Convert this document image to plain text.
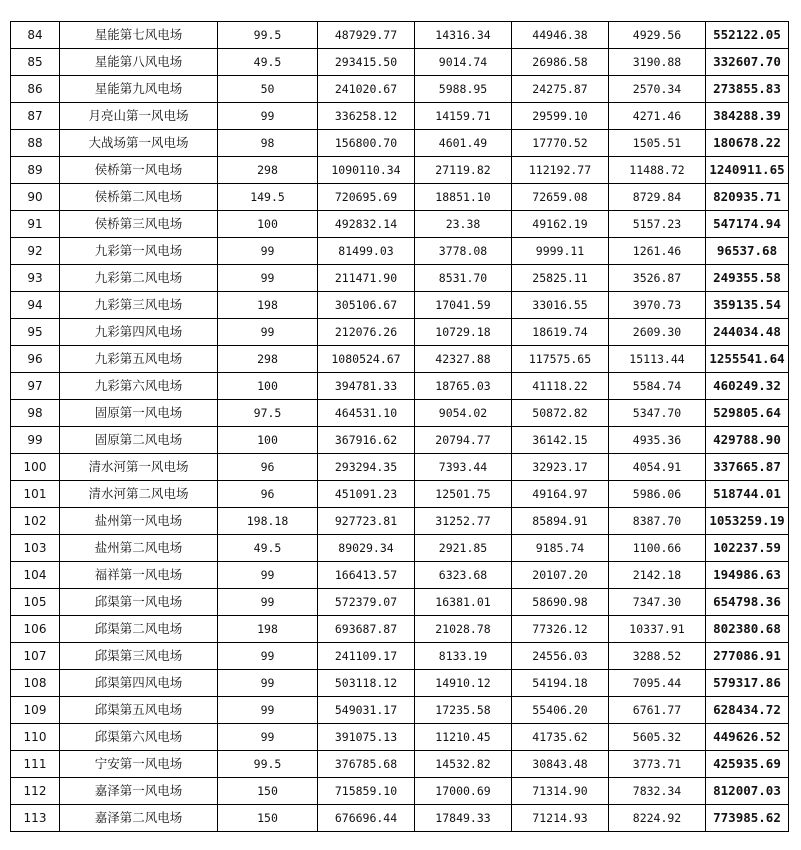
84	星能第七风电场	99.5	487929.77	14316.34	44946.38	4929.56	552122.05
85	星能第八风电场	49.5	293415.50	9014.74	26986.58	3190.88	332607.70
86	星能第九风电场	50	241020.67	5988.95	24275.87	2570.34	273855.83
87	月亮山第一风电场	99	336258.12	14159.71	29599.10	4271.46	384288.39
88	大战场第一风电场	98	156800.70	4601.49	17770.52	1505.51	180678.22
89	侯桥第一风电场	298	1090110.34	27119.82	112192.77	11488.72	1240911.65
90	侯桥第二风电场	149.5	720695.69	18851.10	72659.08	8729.84	820935.71
91	侯桥第三风电场	100	492832.14	23.38	49162.19	5157.23	547174.94
92	九彩第一风电场	99	81499.03	3778.08	9999.11	1261.46	96537.68
93	九彩第二风电场	99	211471.90	8531.70	25825.11	3526.87	249355.58
94	九彩第三风电场	198	305106.67	17041.59	33016.55	3970.73	359135.54
95	九彩第四风电场	99	212076.26	10729.18	18619.74	2609.30	244034.48
96	九彩第五风电场	298	1080524.67	42327.88	117575.65	15113.44	1255541.64
97	九彩第六风电场	100	394781.33	18765.03	41118.22	5584.74	460249.32
98	固原第一风电场	97.5	464531.10	9054.02	50872.82	5347.70	529805.64
99	固原第二风电场	100	367916.62	20794.77	36142.15	4935.36	429788.90
100	清水河第一风电场	96	293294.35	7393.44	32923.17	4054.91	337665.87
101	清水河第二风电场	96	451091.23	12501.75	49164.97	5986.06	518744.01
102	盐州第一风电场	198.18	927723.81	31252.77	85894.91	8387.70	1053259.19
103	盐州第二风电场	49.5	89029.34	2921.85	9185.74	1100.66	102237.59
104	福祥第一风电场	99	166413.57	6323.68	20107.20	2142.18	194986.63
105	邱渠第一风电场	99	572379.07	16381.01	58690.98	7347.30	654798.36
106	邱渠第二风电场	198	693687.87	21028.78	77326.12	10337.91	802380.68
107	邱渠第三风电场	99	241109.17	8133.19	24556.03	3288.52	277086.91
108	邱渠第四风电场	99	503118.12	14910.12	54194.18	7095.44	579317.86
109	邱渠第五风电场	99	549031.17	17235.58	55406.20	6761.77	628434.72
110	邱渠第六风电场	99	391075.13	11210.45	41735.62	5605.32	449626.52
111	宁安第一风电场	99.5	376785.68	14532.82	30843.48	3773.71	425935.69
112	嘉泽第一风电场	150	715859.10	17000.69	71314.90	7832.34	812007.03
113	嘉泽第二风电场	150	676696.44	17849.33	71214.93	8224.92	773985.62
